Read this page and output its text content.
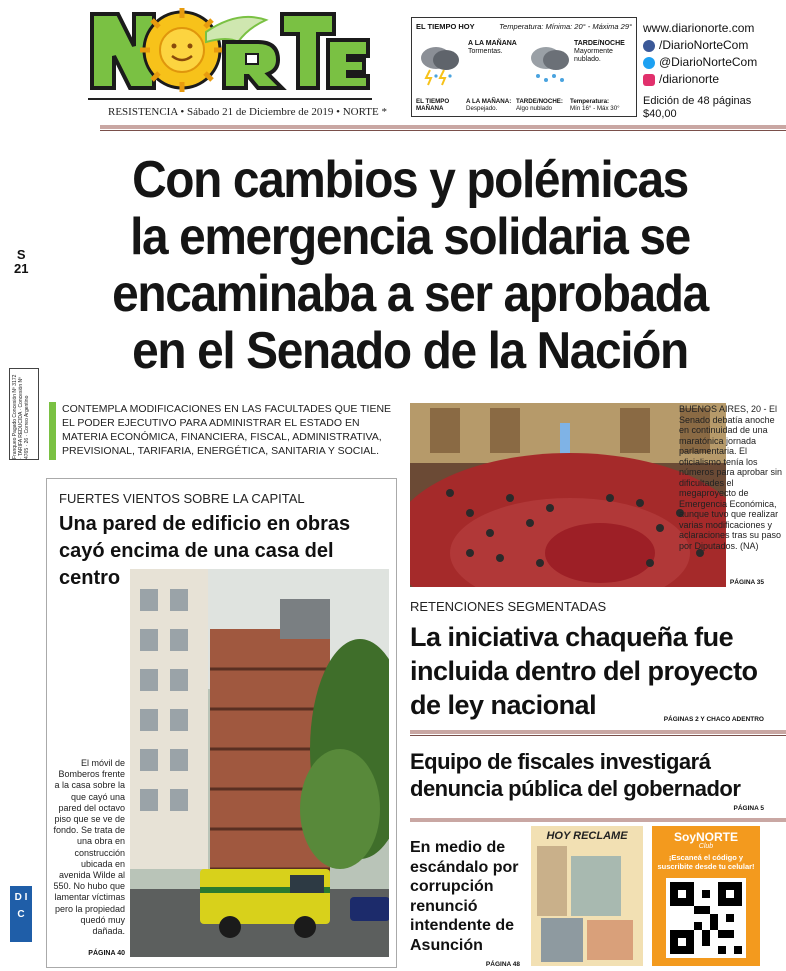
RESISTENCIA • Sábado 21 de Diciembre de 2019 • NORTE *
EL TIEMPO HOY	Temperatura: Mínima: 20° - Máxima 29°
A LA MAÑANA
Tormentas.
TARDE/NOCHE
Mayormente nublado.
EL TIEMPO MAÑANA
A LA MAÑANA:
Despejado.
TARDE/NOCHE:
Algo nublado
Temperatura:
Mín 16° - Máx 30°
www.diarionorte.com
/DiarioNorteCom
@DiarioNorteCom
/diarionorte
Edición de 48 páginas
$40,00
S
21
Franqueo Pagado Concesión Nº 3172 · TARIFA REDUCIDA · Concesión Nº 4765 · 26 · Correo Argentino
D I C
Con cambios y polémicas
la emergencia solidaria se
encaminaba a ser aprobada
en el Senado de la Nación
CONTEMPLA MODIFICACIONES EN LAS FACULTADES QUE TIENE EL PODER EJECUTIVO PARA ADMINISTRAR EL ESTADO EN MATERIA ECONÓMICA, FINANCIERA, FISCAL, ADMINISTRATIVA, PREVISIONAL, TARIFARIA, ENERGÉTICA, SANITARIA Y SOCIAL.
FUERTES VIENTOS SOBRE LA CAPITAL
Una pared de edificio en obras cayó encima de una casa del centro
El móvil de Bomberos frente a la casa sobre la que cayó una pared del octavo piso que se ve de fondo. Se trata de una obra en construcción ubicada en avenida Wilde al 550. No hubo que lamentar víctimas pero la propiedad quedó muy dañada.
PÁGINA 40
BUENOS AIRES, 20 - El Senado debatía anoche en continuidad de una maratónica jornada parlamentaria. El oficialismo tenía los números para aprobar sin dificultades el megaproyecto de Emergencia Económica, aunque tuvo que realizar varias modificaciones y aclaraciones tras su paso por Diputados. (NA)
PÁGINA 35
RETENCIONES SEGMENTADAS
La iniciativa chaqueña fue incluida dentro del proyecto de ley nacional	PÁGINAS 2 Y CHACO ADENTRO
Equipo de fiscales investigará denuncia pública del gobernador
PÁGINA 5
En medio de escándalo por corrupción renunció intendente de Asunción
PÁGINA 48
HOY RECLAME	SoyNORTE
Club
¡Escaneá el código y suscribite desde tu celular!
